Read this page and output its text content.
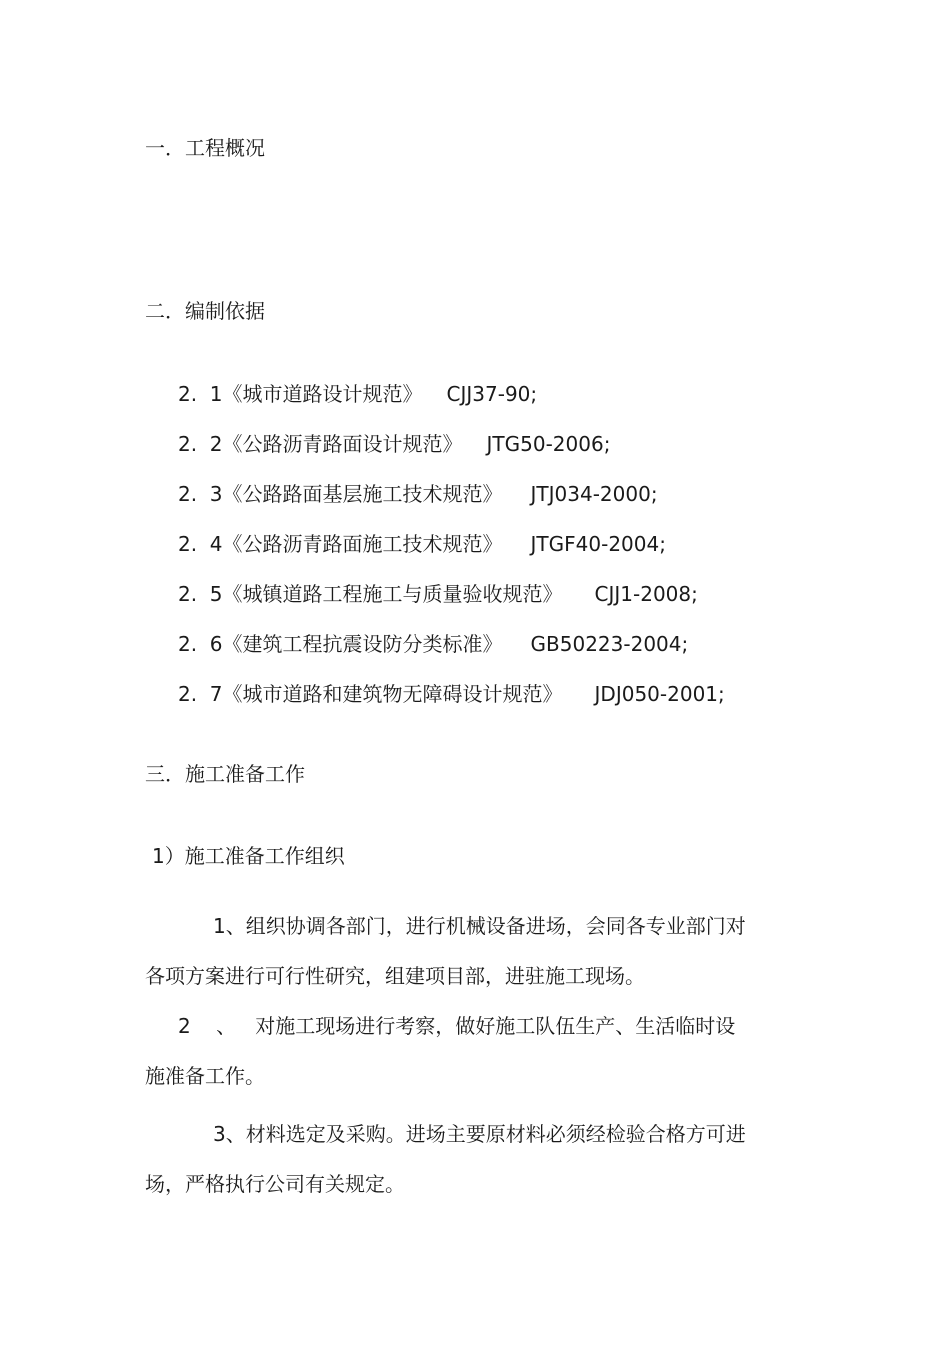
一．工程概况
二．编制依据
2.  1《城市道路设计规范》 CJJ37-90;
2.  2《公路沥青路面设计规范》 JTG50-2006;
2.  3《公路路面基层施工技术规范》 JTJ034-2000;
2.  4《公路沥青路面施工技术规范》 JTGF40-2004;
2.  5《城镇道路工程施工与质量验收规范》 CJJ1-2008;
2.  6《建筑工程抗震设防分类标准》 GB50223-2004;
2.  7《城市道路和建筑物无障碍设计规范》 JDJ050-2001;
三．施工准备工作
1）施工准备工作组织
1、组织协调各部门，进行机械设备进场，会同各专业部门对
各项方案进行可行性研究，组建项目部，进驻施工现场。
2    、   对施工现场进行考察，做好施工队伍生产、生活临时设
施准备工作。
3、材料选定及采购。进场主要原材料必须经检验合格方可进
场，严格执行公司有关规定。
